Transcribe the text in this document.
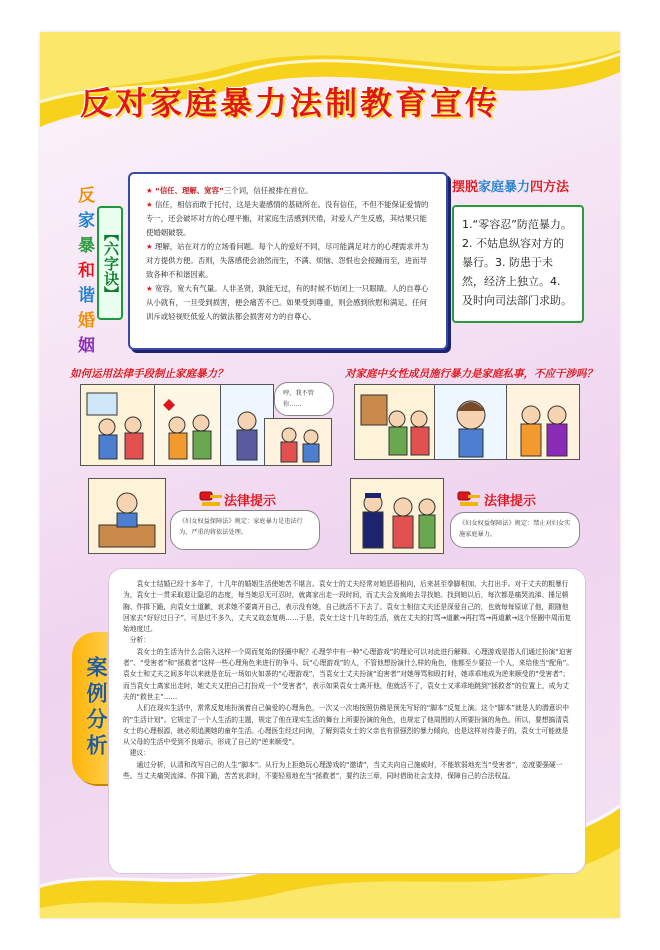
反对家庭暴力法制教育宣传
反 家 暴 和 谐 婚 姻
【六字诀】

★ “信任、理解、宽容”三个词，信任被排在首位。

★ 信任，相信而敢于托付，这是夫妻感情的基础所在。没有信任，不但不能保证爱情的专一，还会破坏对方的心理平衡，对家庭生活感到厌倦，对爱人产生反感，其结果只能使婚姻破裂。

★ 理解，站在对方的立场看问题。每个人的爱好不同，尽可能满足对方的心理需求并为对方提供方便。否则，失落感使会油然而生，不满、烦恼、怨恨也会接踵而至，进而导致各种不和谐因素。

★ 宽容，宽大有气量。人非圣贤，孰能无过，有的时候不妨闭上一只眼睛。人的自尊心从小就有，一旦受到损害，便会痛苦不已。如果受到尊重，则会感到欣慰和满足。任何训斥或轻视贬低爱人的做法都会损害对方的自尊心。

摆脱家庭暴力四方法
1.“零容忍”防范暴力。2. 不姑息纵容对方的暴行。3. 防患于未然，经济上独立。4. 及时向司法部门求助。
如何运用法律手段制止家庭暴力？	对家庭中女性成员施行暴力是家庭私事，不应干涉吗？
哼，我不管你……
法律提示
《妇女权益保障法》规定：家庭暴力是违法行为，严重的将依法处理。
法律提示
《妇女权益保障法》规定：禁止对妇女实施家庭暴力。
案例分析

袁女士结婚已经十多年了，十几年的婚姻生活使她苦不堪言。袁女士的丈夫经常对她恶语相向，后来甚至拳脚相加，大打出手。对于丈夫的粗暴行为，袁女士一贯采取退让隐忍的态度，每当她忍无可忍时，就离家出走一段时间，而丈夫会发疯地去寻找她。找到她以后，每次都是痛哭流涕、捶足顿胸、作揖下跪，向袁女士道歉，哀求她不要离开自己，表示没有她，自己就活不下去了。袁女士相信丈夫还是深爱自己的，也就每每原谅了他，跟随他回家去“好好过日子”。可是过不多久，丈夫又故态复萌……于是，袁女士这十几年的生活，就在丈夫的打骂→道歉→再打骂→再道歉→这个怪圈中周而复始地度过。

分析：

袁女士的生活为什么会陷入这样一个周而复始的怪圈中呢？心理学中有一种“心理游戏”的理论可以对此进行解释。心理游戏是指人们通过扮演“迫害者”、“受害者”和“拯救者”这样一些心理角色来进行的争斗。玩“心理游戏”的人，不管他想扮演什么样的角色，他都至少要拉一个人，来给他当“配角”。袁女士和丈夫之间多年以来就是在玩一场如火如荼的“心理游戏”，当袁女士丈夫扮演“迫害者”对她辱骂和殴打时，她乖乖地成为逆来顺受的“受害者”；而当袁女士离家出走时，她丈夫又把自己打扮成一个“受害者”，表示如果袁女士离开他，他就活不了，袁女士又乖乖地跳到“拯救者”的位置上，成为丈夫的“救世主”……

人们在现实生活中，常常反复地扮演着自己偏爱的心理角色，一次又一次地按照仿佛是预先写好的“脚本”反复上演。这个“脚本”就是人的潜意识中的“生活计划”。它规定了一个人生活的主题，规定了他在现实生活的舞台上所要扮演的角色，也规定了他周围的人所要扮演的角色。所以，要想搞清袁女士的心理根源，就必须追溯她的童年生活。心理医生经过问询，了解到袁女士的父亲也有很强烈的暴力倾向，也是这样对待妻子的，袁女士可能就是从父母的生活中受到不良暗示，形成了自己的“逆来顺受”。

建议：

通过分析，认清和改写自己的人生“脚本”。从行为上拒绝玩心理游戏的“邀请”，当丈夫向自己施威时，不能软弱地充当“受害者”，态度要强硬一些。当丈夫痛哭流涕、作揖下跪，苦苦哀求时，不要轻易地充当“拯救者”，要约法三章，同时借助社会支持，保障自己的合法权益。
